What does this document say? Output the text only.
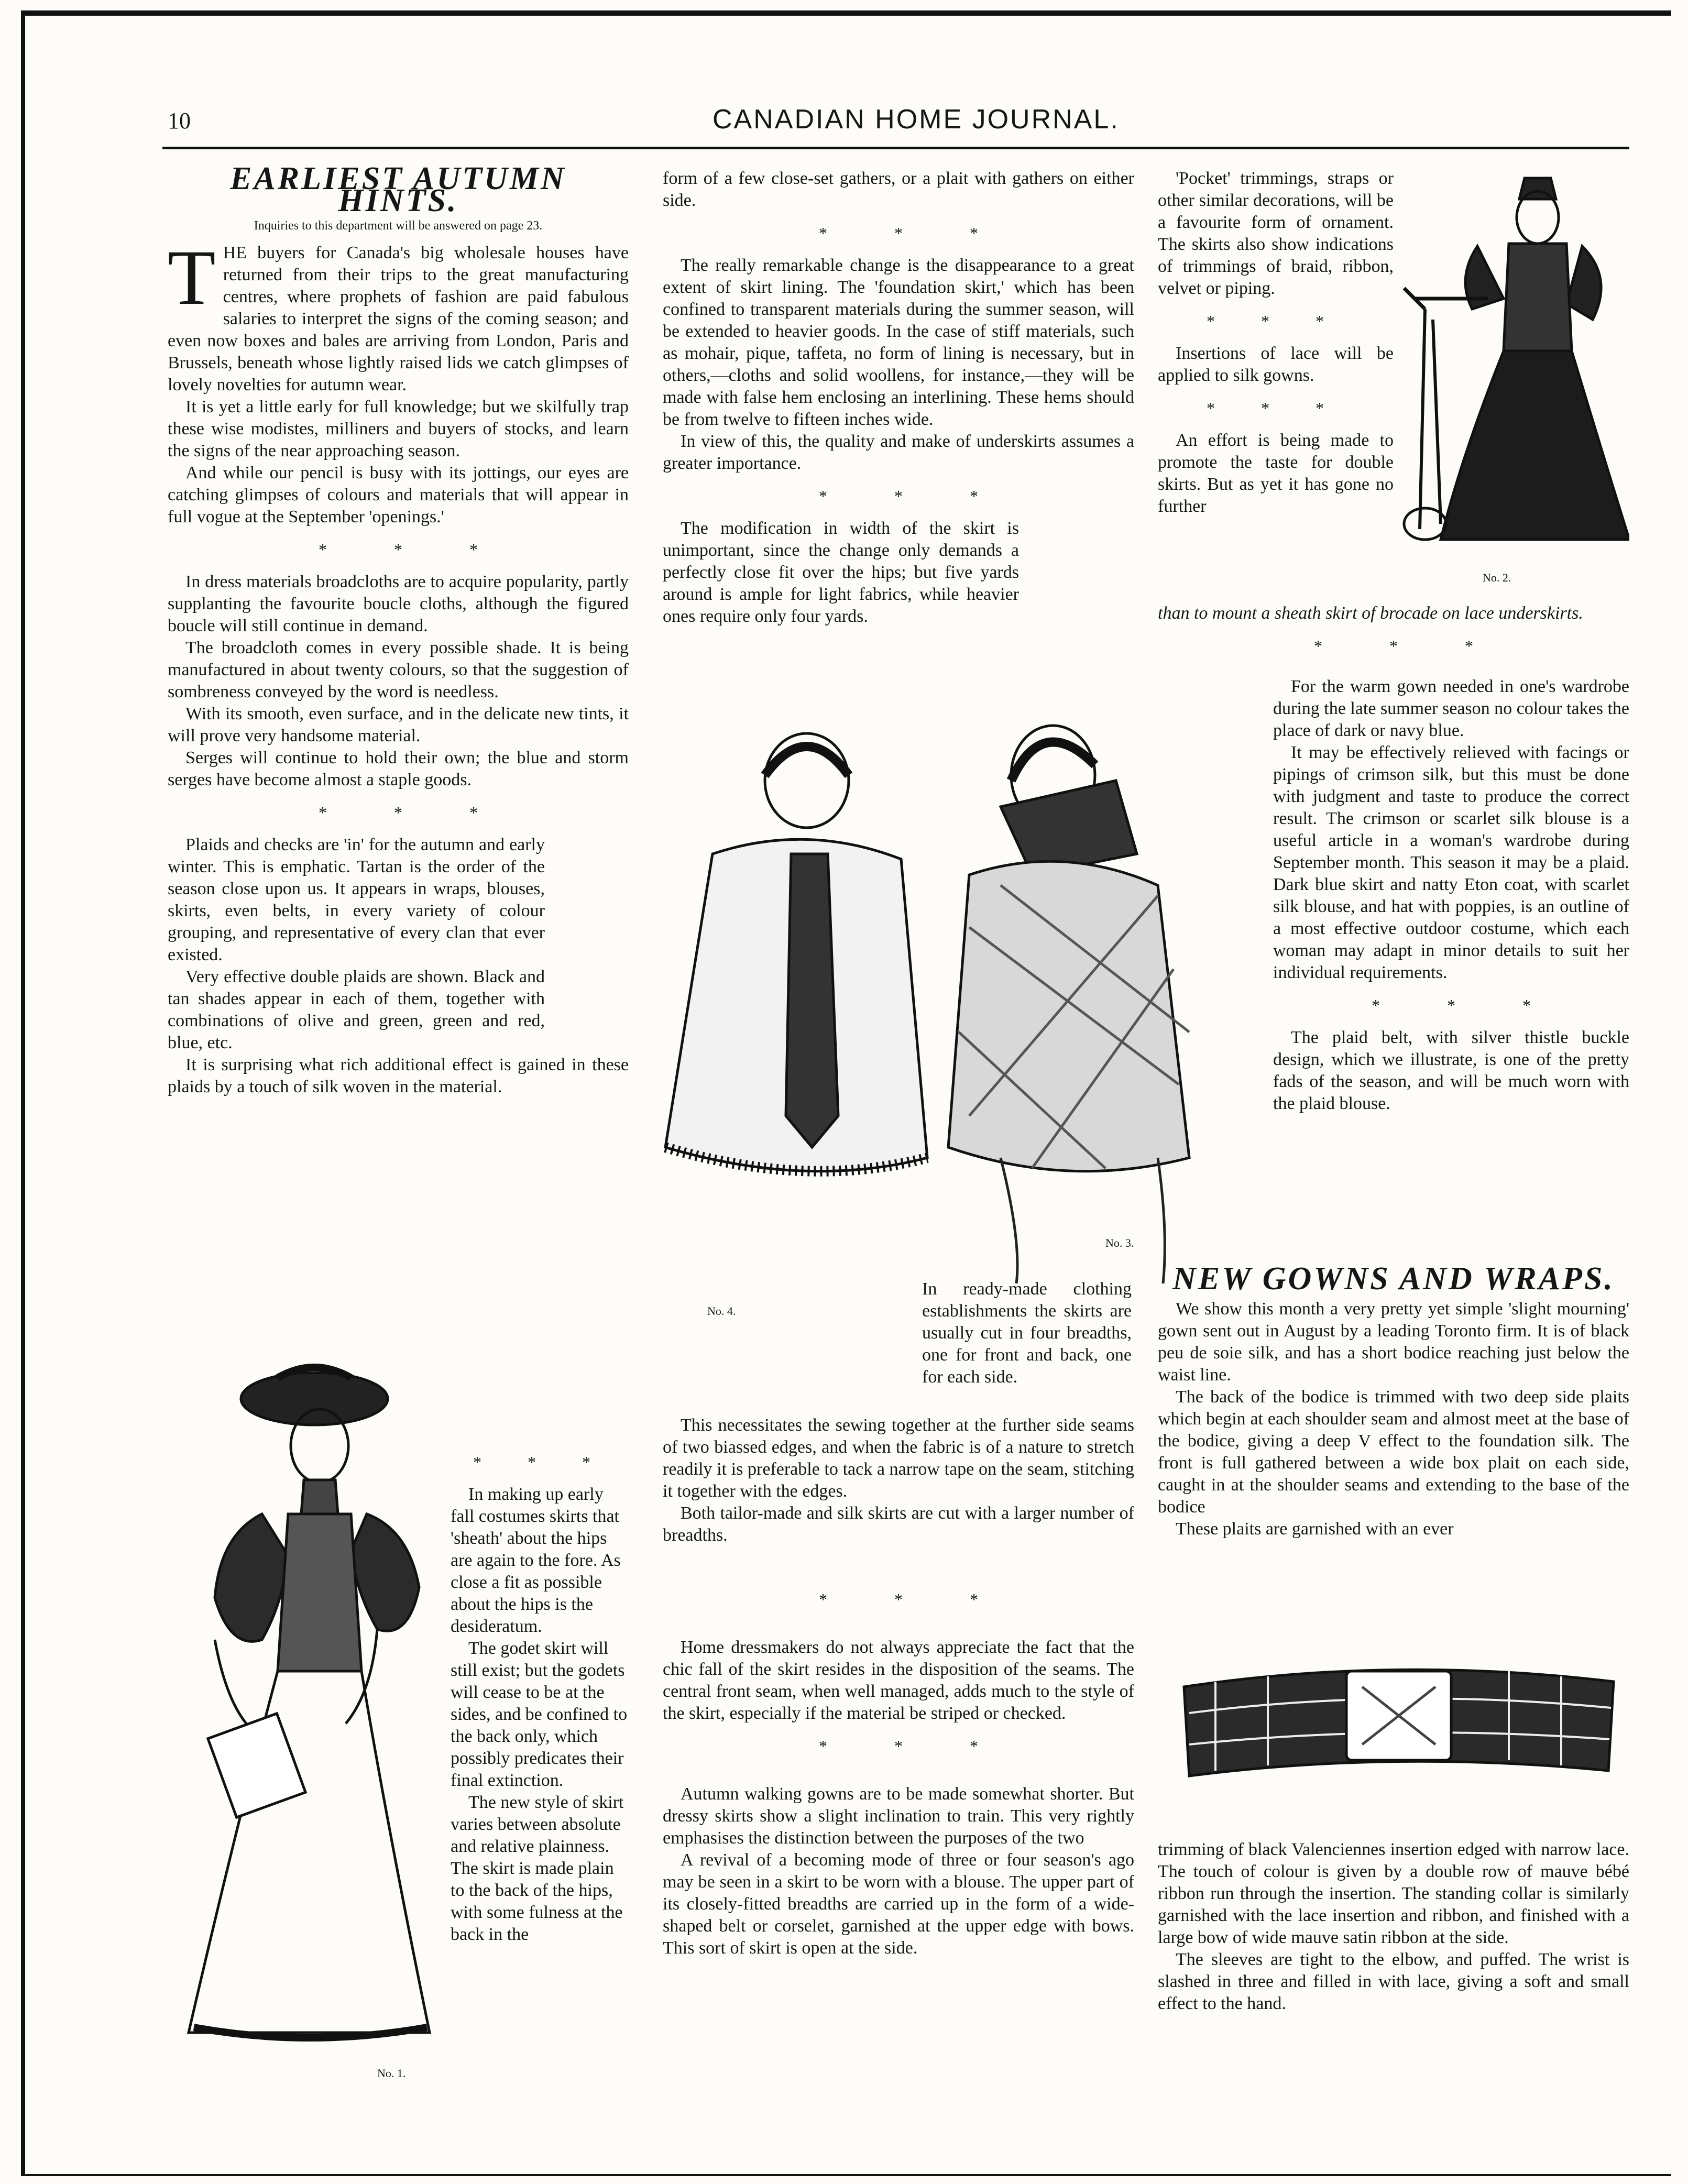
10	CANADIAN HOME JOURNAL.
EARLIEST AUTUMN HINTS.
Inquiries to this department will be answered on page 23.

THE buyers for Canada's big wholesale houses have returned from their trips to the great manufacturing centres, where prophets of fashion are paid fabulous salaries to interpret the signs of the coming season; and even now boxes and bales are arriving from London, Paris and Brussels, beneath whose lightly raised lids we catch glimpses of lovely novelties for autumn wear.

It is yet a little early for full knowledge; but we skilfully trap these wise modistes, milliners and buyers of stocks, and learn the signs of the near approaching season.

And while our pencil is busy with its jottings, our eyes are catching glimpses of colours and materials that will appear in full vogue at the September 'openings.'

* * *

In dress materials broadcloths are to acquire popularity, partly supplanting the favourite boucle cloths, although the figured boucle will still continue in demand.

The broadcloth comes in every possible shade. It is being manufactured in about twenty colours, so that the suggestion of sombreness conveyed by the word is needless.

With its smooth, even surface, and in the delicate new tints, it will prove very handsome material.

Serges will continue to hold their own; the blue and storm serges have become almost a staple goods.

* * *

Plaids and checks are 'in' for the autumn and early winter. This is emphatic. Tartan is the order of the season close upon us. It appears in wraps, blouses, skirts, even belts, in every variety of colour grouping, and representative of every clan that ever existed.

Very effective double plaids are shown. Black and tan shades appear in each of them, together with combinations of olive and green, green and red, blue, etc.

It is surprising what rich additional effect is gained in these plaids by a touch of silk woven in the material.

* * *

In making up early fall costumes skirts that 'sheath' about the hips are again to the fore. As close a fit as possible about the hips is the desideratum.

The godet skirt will still exist; but the godets will cease to be at the sides, and be confined to the back only, which possibly predicates their final extinction.

The new style of skirt varies between absolute and relative plainness. The skirt is made plain to the back of the hips, with some fulness at the back in the

No. 1.

form of a few close-set gathers, or a plait with gathers on either side.

* * *

The really remarkable change is the disappearance to a great extent of skirt lining. The 'foundation skirt,' which has been confined to transparent materials during the summer season, will be extended to heavier goods. In the case of stiff materials, such as mohair, pique, taffeta, no form of lining is necessary, but in others,—cloths and solid woollens, for instance,—they will be made with false hem enclosing an interlining. These hems should be from twelve to fifteen inches wide.

In view of this, the quality and make of underskirts assumes a greater importance.

* * *

The modification in width of the skirt is unimportant, since the change only demands a perfectly close fit over the hips; but five yards around is ample for light fabrics, while heavier ones require only four yards.

No. 3.
No. 4.

In ready-made clothing establishments the skirts are usually cut in four breadths, one for front and back, one for each side.

This necessitates the sewing together at the further side seams of two biassed edges, and when the fabric is of a nature to stretch readily it is preferable to tack a narrow tape on the seam, stitching it together with the edges.

Both tailor-made and silk skirts are cut with a larger number of breadths.

* * *

Home dressmakers do not always appreciate the fact that the chic fall of the skirt resides in the disposition of the seams. The central front seam, when well managed, adds much to the style of the skirt, especially if the material be striped or checked.

* * *

Autumn walking gowns are to be made somewhat shorter. But dressy skirts show a slight inclination to train. This very rightly emphasises the distinction between the purposes of the two

A revival of a becoming mode of three or four season's ago may be seen in a skirt to be worn with a blouse. The upper part of its closely-fitted breadths are carried up in the form of a wide-shaped belt or corselet, garnished at the upper edge with bows. This sort of skirt is open at the side.

'Pocket' trimmings, straps or other similar decorations, will be a favourite form of ornament. The skirts also show indications of trimmings of braid, ribbon, velvet or piping.

* * *

Insertions of lace will be applied to silk gowns.

* * *

An effort is being made to promote the taste for double skirts. But as yet it has gone no further

No. 2.

than to mount a sheath skirt of brocade on lace underskirts.

* * *

For the warm gown needed in one's wardrobe during the late summer season no colour takes the place of dark or navy blue.

It may be effectively relieved with facings or pipings of crimson silk, but this must be done with judgment and taste to produce the correct result. The crimson or scarlet silk blouse is a useful article in a woman's wardrobe during September month. This season it may be a plaid. Dark blue skirt and natty Eton coat, with scarlet silk blouse, and hat with poppies, is an outline of a most effective outdoor costume, which each woman may adapt in minor details to suit her individual requirements.

* * *

The plaid belt, with silver thistle buckle design, which we illustrate, is one of the pretty fads of the season, and will be much worn with the plaid blouse.

NEW GOWNS AND WRAPS.

We show this month a very pretty yet simple 'slight mourning' gown sent out in August by a leading Toronto firm. It is of black peu de soie silk, and has a short bodice reaching just below the waist line.

The back of the bodice is trimmed with two deep side plaits which begin at each shoulder seam and almost meet at the base of the bodice, giving a deep V effect to the foundation silk. The front is full gathered between a wide box plait on each side, caught in at the shoulder seams and extending to the base of the bodice

These plaits are garnished with an ever

trimming of black Valenciennes insertion edged with narrow lace. The touch of colour is given by a double row of mauve bébé ribbon run through the insertion. The standing collar is similarly garnished with the lace insertion and ribbon, and finished with a large bow of wide mauve satin ribbon at the side.

The sleeves are tight to the elbow, and puffed. The wrist is slashed in three and filled in with lace, giving a soft and small effect to the hand.
